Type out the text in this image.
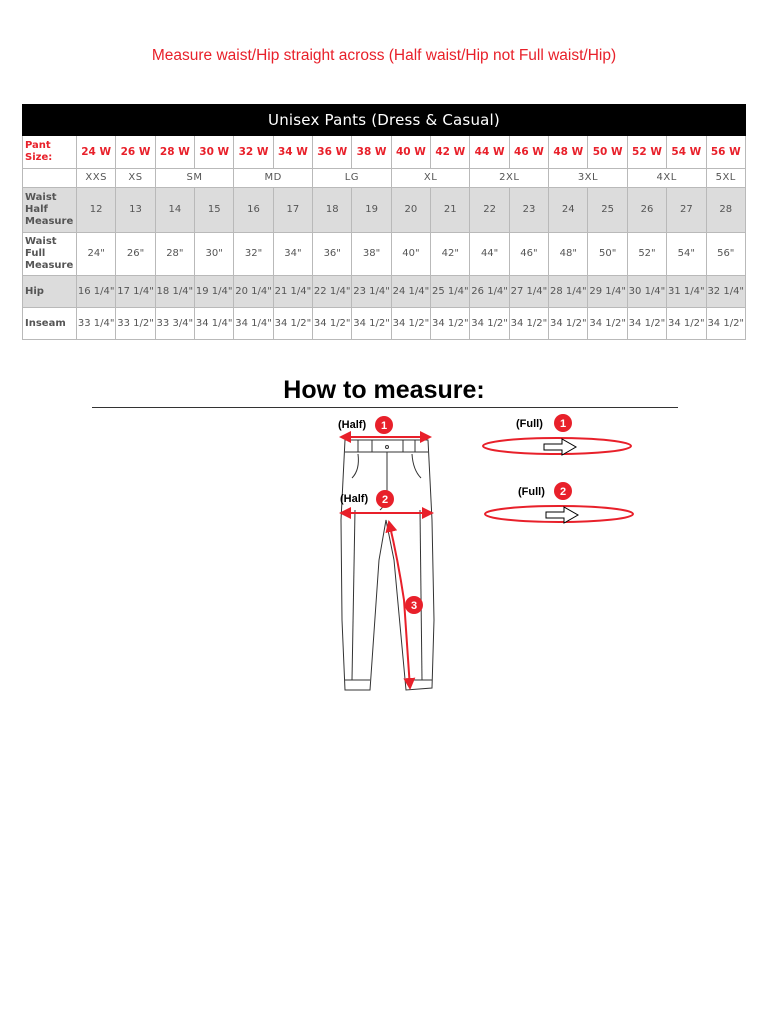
Measure waist/Hip straight across (Half waist/Hip not Full waist/Hip)
Unisex Pants (Dress & Casual)																	
Pant Size:	24 W	26 W	28 W	30 W	32 W	34 W	36 W	38 W	40 W	42 W	44 W	46 W	48 W	50 W	52 W	54 W	56 W
	XXS	XS	SM		MD		LG		XL		2XL		3XL		4XL		5XL
Waist Half Measure	12	13	14	15	16	17	18	19	20	21	22	23	24	25	26	27	28
Waist Full Measure	24"	26"	28"	30"	32"	34"	36"	38"	40"	42"	44"	46"	48"	50"	52"	54"	56"
Hip	16 1/4"	17 1/4"	18 1/4"	19 1/4"	20 1/4"	21 1/4"	22 1/4"	23 1/4"	24 1/4"	25 1/4"	26 1/4"	27 1/4"	28 1/4"	29 1/4"	30 1/4"	31 1/4"	32 1/4"
Inseam	33 1/4"	33 1/2"	33 3/4"	34 1/4"	34 1/4"	34 1/2"	34 1/2"	34 1/2"	34 1/2"	34 1/2"	34 1/2"	34 1/2"	34 1/2"	34 1/2"	34 1/2"	34 1/2"	34 1/2"
How to measure:
(Half) 1
(Half) 2
3
(Full) 1
(Full) 2
